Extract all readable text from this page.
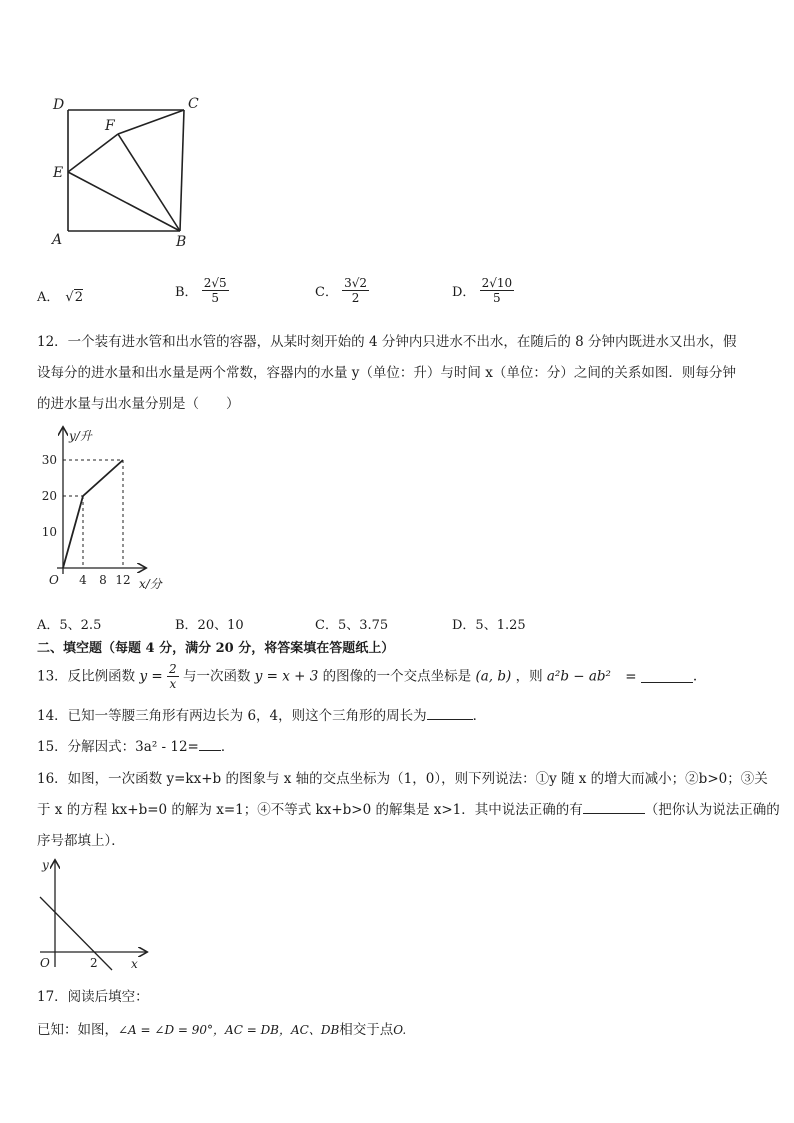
D	C
F
E
A	B
A． √2	B． $\frac{2√5}{5}$	C． $\frac{3√2}{2}$	D． $\frac{2√10}{5}$
12．一个装有进水管和出水管的容器，从某时刻开始的 4 分钟内只进水不出水，在随后的 8 分钟内既进水又出水，假
设每分的进水量和出水量是两个常数，容器内的水量 y（单位：升）与时间 x（单位：分）之间的关系如图．则每分钟
的进水量与出水量分别是（　　）
10
20
30
4 8 12
O
y/升
x/分
A．5、2.5	B．20、10	C．5、3.75	D．5、1.25
二、填空题（每题 4 分，满分 20 分，将答案填在答题纸上）
13．反比例函数 $y = \frac{2}{x}$ 与一次函数 y = x + 3 的图像的一个交点坐标是 (a, b) ，则 a²b − ab² =	.
14．已知一等腰三角形有两边长为 6，4，则这个三角形的周长为	．
15．分解因式：3a² - 12= ．
16．如图，一次函数 y=kx+b 的图象与 x 轴的交点坐标为（1，0），则下列说法：①y 随 x 的增大而减小；②b>0；③关
于 x 的方程 kx+b=0 的解为 x=1；④不等式 kx+b>0 的解集是 x>1．其中说法正确的有	（把你认为说法正确的
序号都填上）．
y
x
O	2
17．阅读后填空：
已知：如图，∠A = ∠D = 90°，AC = DB，AC、DB相交于点O.
